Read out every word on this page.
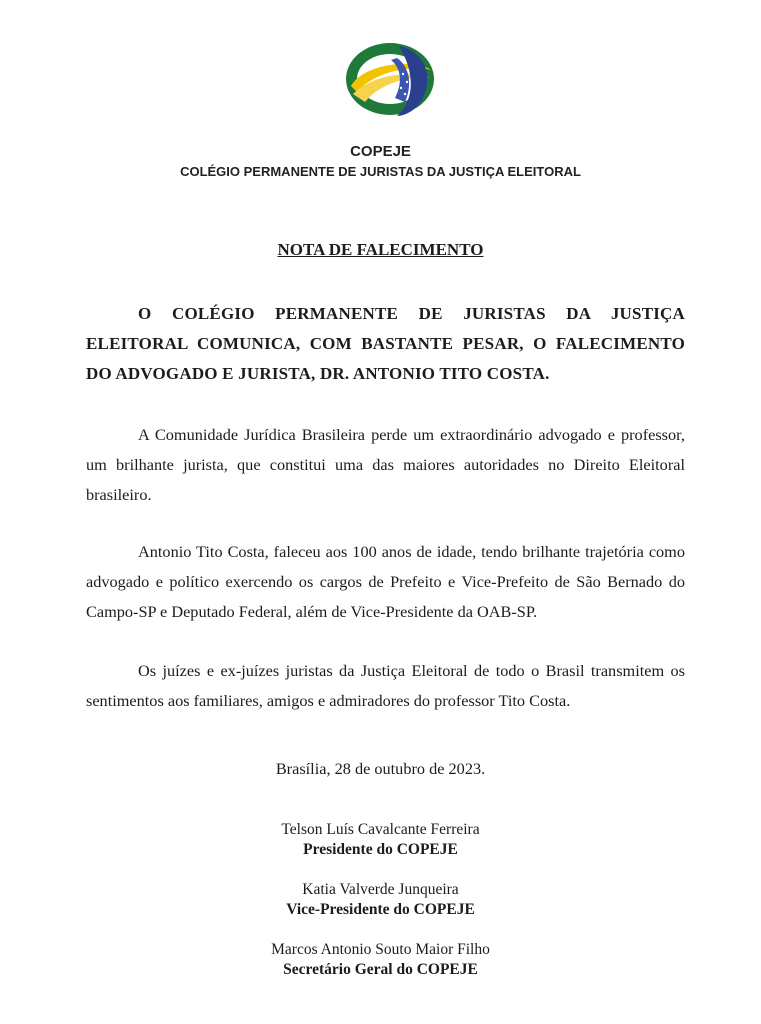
COPEJE
COLÉGIO PERMANENTE DE JURISTAS DA JUSTIÇA ELEITORAL
NOTA DE FALECIMENTO
O COLÉGIO PERMANENTE DE JURISTAS DA JUSTIÇA ELEITORAL COMUNICA, COM BASTANTE PESAR, O FALECIMENTO DO ADVOGADO E JURISTA, DR. ANTONIO TITO COSTA.
A Comunidade Jurídica Brasileira perde um extraordinário advogado e professor, um brilhante jurista, que constitui uma das maiores autoridades no Direito Eleitoral brasileiro.
Antonio Tito Costa, faleceu aos 100 anos de idade, tendo brilhante trajetória como advogado e político exercendo os cargos de Prefeito e Vice-Prefeito de São Bernado do Campo-SP e Deputado Federal, além de Vice-Presidente da OAB-SP.
Os juízes e ex-juízes juristas da Justiça Eleitoral de todo o Brasil transmitem os sentimentos aos familiares, amigos e admiradores do professor Tito Costa.
Brasília, 28 de outubro de 2023.
Telson Luís Cavalcante Ferreira
Presidente do COPEJE
Katia Valverde Junqueira
Vice-Presidente do COPEJE
Marcos Antonio Souto Maior Filho
Secretário Geral do COPEJE
